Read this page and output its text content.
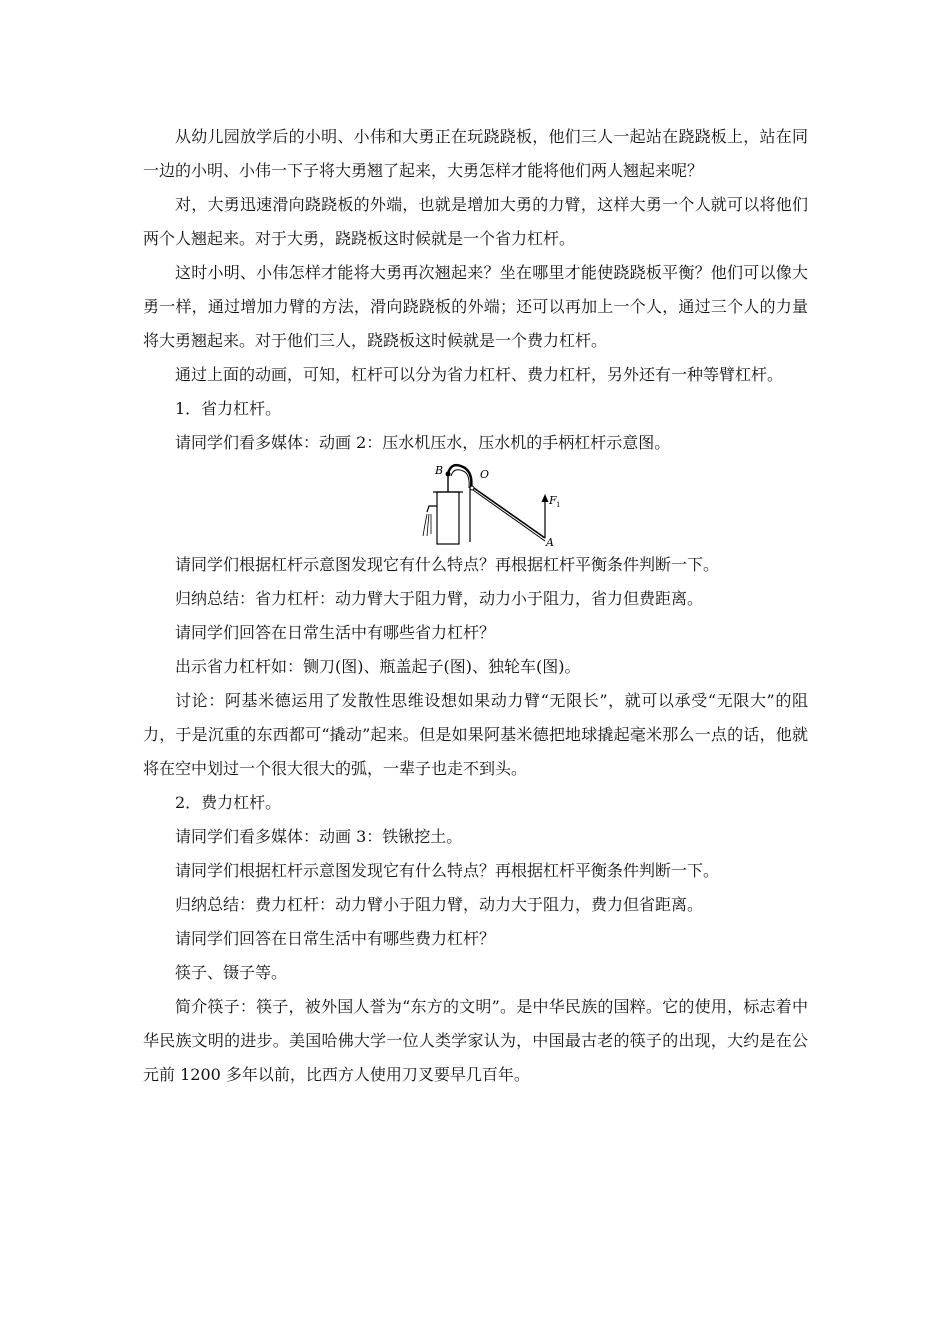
从幼儿园放学后的小明、小伟和大勇正在玩跷跷板，他们三人一起站在跷跷板上，站在同一边的小明、小伟一下子将大勇翘了起来，大勇怎样才能将他们两人翘起来呢？

对，大勇迅速滑向跷跷板的外端，也就是增加大勇的力臂，这样大勇一个人就可以将他们两个人翘起来。对于大勇，跷跷板这时候就是一个省力杠杆。

这时小明、小伟怎样才能将大勇再次翘起来？坐在哪里才能使跷跷板平衡？他们可以像大勇一样，通过增加力臂的方法，滑向跷跷板的外端；还可以再加上一个人，通过三个人的力量将大勇翘起来。对于他们三人，跷跷板这时候就是一个费力杠杆。

通过上面的动画，可知，杠杆可以分为省力杠杆、费力杠杆，另外还有一种等臂杠杆。

1．省力杠杆。

请同学们看多媒体：动画 2：压水机压水，压水机的手柄杠杆示意图。

B	O
F 1
A

请同学们根据杠杆示意图发现它有什么特点？再根据杠杆平衡条件判断一下。

归纳总结：省力杠杆：动力臂大于阻力臂，动力小于阻力，省力但费距离。

请同学们回答在日常生活中有哪些省力杠杆？

出示省力杠杆如：铡刀(图)、瓶盖起子(图)、独轮车(图)。

讨论：阿基米德运用了发散性思维设想如果动力臂“无限长”，就可以承受“无限大”的阻力，于是沉重的东西都可“撬动”起来。但是如果阿基米德把地球撬起毫米那么一点的话，他就将在空中划过一个很大很大的弧，一辈子也走不到头。

2．费力杠杆。

请同学们看多媒体：动画 3：铁锹挖土。

请同学们根据杠杆示意图发现它有什么特点？再根据杠杆平衡条件判断一下。

归纳总结：费力杠杆：动力臂小于阻力臂，动力大于阻力，费力但省距离。

请同学们回答在日常生活中有哪些费力杠杆？

筷子、镊子等。

简介筷子：筷子，被外国人誉为“东方的文明”。是中华民族的国粹。它的使用，标志着中华民族文明的进步。美国哈佛大学一位人类学家认为，中国最古老的筷子的出现，大约是在公元前 1200 多年以前，比西方人使用刀叉要早几百年。
